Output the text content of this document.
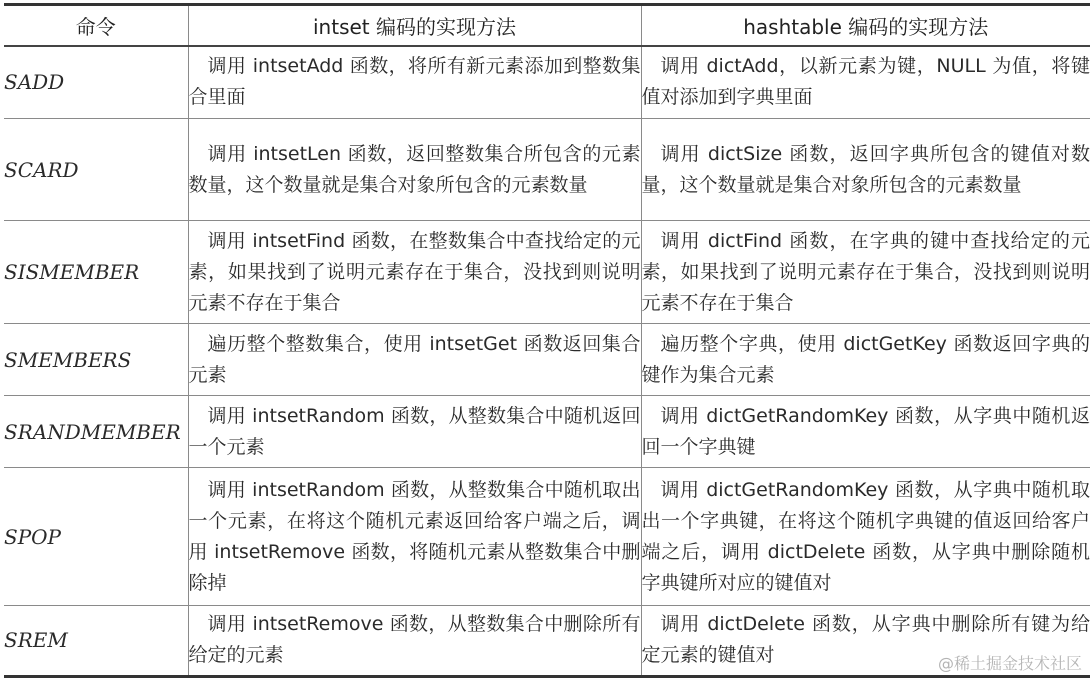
命令	intset 编码的实现方法	hashtable 编码的实现方法
SADD	调用 intsetAdd 函数，将所有新元素添加到整数集合里面	调用 dictAdd，以新元素为键，NULL 为值，将键值对添加到字典里面
SCARD	调用 intsetLen 函数，返回整数集合所包含的元素数量，这个数量就是集合对象所包含的元素数量	调用 dictSize 函数，返回字典所包含的键值对数量，这个数量就是集合对象所包含的元素数量
SISMEMBER	调用 intsetFind 函数，在整数集合中查找给定的元素，如果找到了说明元素存在于集合，没找到则说明元素不存在于集合	调用 dictFind 函数，在字典的键中查找给定的元素，如果找到了说明元素存在于集合，没找到则说明元素不存在于集合
SMEMBERS	遍历整个整数集合，使用 intsetGet 函数返回集合元素	遍历整个字典，使用 dictGetKey 函数返回字典的键作为集合元素
SRANDMEMBER	调用 intsetRandom 函数，从整数集合中随机返回一个元素	调用 dictGetRandomKey 函数，从字典中随机返回一个字典键
SPOP	调用 intsetRandom 函数，从整数集合中随机取出一个元素，在将这个随机元素返回给客户端之后，调用 intsetRemove 函数，将随机元素从整数集合中删除掉	调用 dictGetRandomKey 函数，从字典中随机取出一个字典键，在将这个随机字典键的值返回给客户端之后，调用 dictDelete 函数，从字典中删除随机字典键所对应的键值对
SREM	调用 intsetRemove 函数，从整数集合中删除所有给定的元素	调用 dictDelete 函数，从字典中删除所有键为给定元素的键值对	@稀土掘金技术社区
